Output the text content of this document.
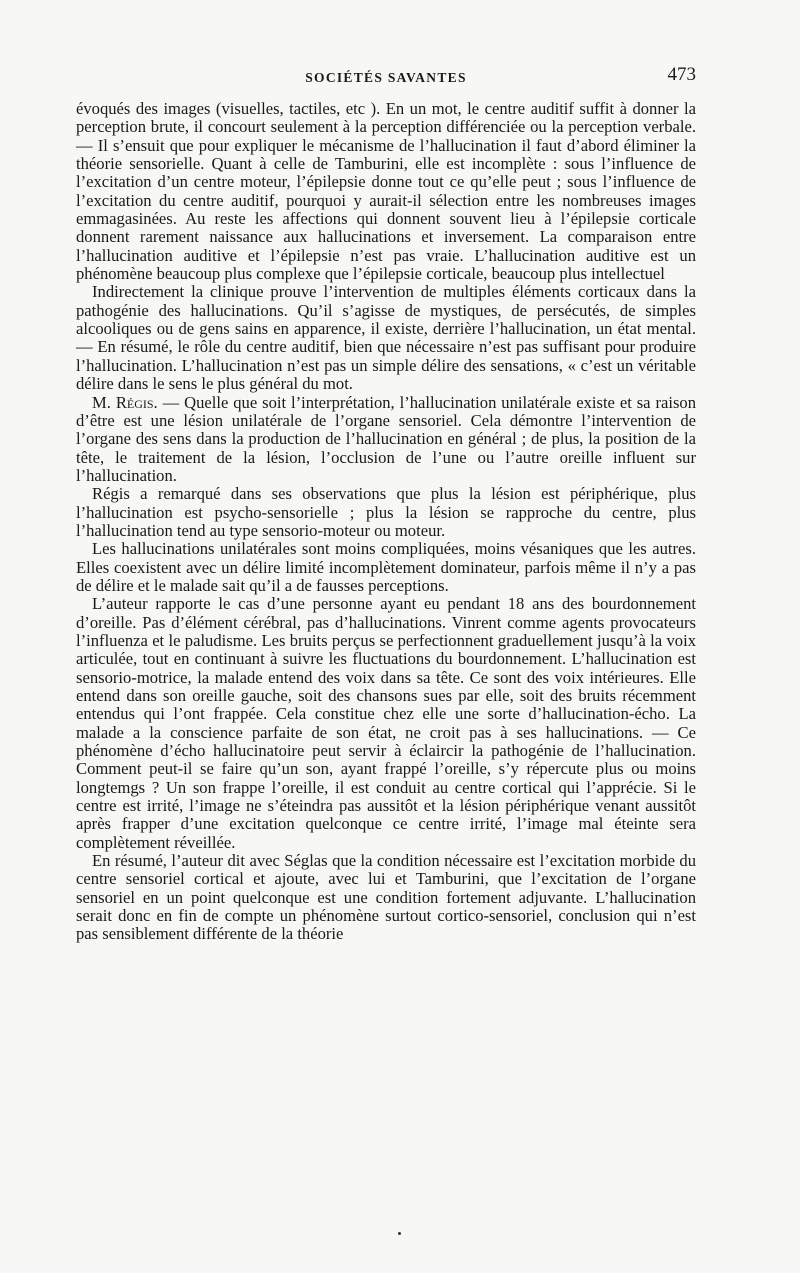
SOCIÉTÉS SAVANTES	473

évoqués des images (visuelles, tactiles, etc ). En un mot, le centre auditif suffit à donner la perception brute, il concourt seulement à la perception différenciée ou la perception verbale. — Il s’ensuit que pour expliquer le mécanisme de l’hallucination il faut d’abord éliminer la théorie sensorielle. Quant à celle de Tamburini, elle est incomplète : sous l’influence de l’excitation d’un centre moteur, l’épilepsie donne tout ce qu’elle peut ; sous l’influence de l’excitation du centre auditif, pourquoi y aurait-il sélection entre les nombreuses images emmagasinées. Au reste les affections qui donnent souvent lieu à l’épilepsie corticale donnent rarement naissance aux hallucinations et inversement. La comparaison entre l’hallucination auditive et l’épilepsie n’est pas vraie. L’hallucination auditive est un phénomène beaucoup plus complexe que l’épilepsie corticale, beaucoup plus intellectuel

Indirectement la clinique prouve l’intervention de multiples éléments corticaux dans la pathogénie des hallucinations. Qu’il s’agisse de mystiques, de persécutés, de simples alcooliques ou de gens sains en apparence, il existe, derrière l’hallucination, un état mental. — En résumé, le rôle du centre auditif, bien que nécessaire n’est pas suffisant pour produire l’hallucination. L’hallucination n’est pas un simple délire des sensations, « c’est un véritable délire dans le sens le plus général du mot.

M. Régis. — Quelle que soit l’interprétation, l’hallucination unilatérale existe et sa raison d’être est une lésion unilatérale de l’organe sensoriel. Cela démontre l’intervention de l’organe des sens dans la production de l’hallucination en général ; de plus, la position de la tête, le traitement de la lésion, l’occlusion de l’une ou l’autre oreille influent sur l’hallucination.

Régis a remarqué dans ses observations que plus la lésion est périphérique, plus l’hallucination est psycho-sensorielle ; plus la lésion se rapproche du centre, plus l’hallucination tend au type sensorio-moteur ou moteur.

Les hallucinations unilatérales sont moins compliquées, moins vésaniques que les autres. Elles coexistent avec un délire limité incomplètement dominateur, parfois même il n’y a pas de délire et le malade sait qu’il a de fausses perceptions.

L’auteur rapporte le cas d’une personne ayant eu pendant 18 ans des bourdonnement d’oreille. Pas d’élément cérébral, pas d’hallucinations. Vinrent comme agents provocateurs l’influenza et le paludisme. Les bruits perçus se perfectionnent graduellement jusqu’à la voix articulée, tout en continuant à suivre les fluctuations du bourdonnement. L’hallucination est sensorio-motrice, la malade entend des voix dans sa tête. Ce sont des voix intérieures. Elle entend dans son oreille gauche, soit des chansons sues par elle, soit des bruits récemment entendus qui l’ont frappée. Cela constitue chez elle une sorte d’hallucination-écho. La malade a la conscience parfaite de son état, ne croit pas à ses hallucinations. — Ce phénomène d’écho hallucinatoire peut servir à éclaircir la pathogénie de l’hallucination. Comment peut-il se faire qu’un son, ayant frappé l’oreille, s’y répercute plus ou moins longtemgs ? Un son frappe l’oreille, il est conduit au centre cortical qui l’apprécie. Si le centre est irrité, l’image ne s’éteindra pas aussitôt et la lésion périphérique venant aussitôt après frapper d’une excitation quelconque ce centre irrité, l’image mal éteinte sera complètement réveillée.

En résumé, l’auteur dit avec Séglas que la condition nécessaire est l’excitation morbide du centre sensoriel cortical et ajoute, avec lui et Tamburini, que l’excitation de l’organe sensoriel en un point quelconque est une condition fortement adjuvante. L’hallucination serait donc en fin de compte un phénomène surtout cortico-sensoriel, conclusion qui n’est pas sensiblement différente de la théorie
